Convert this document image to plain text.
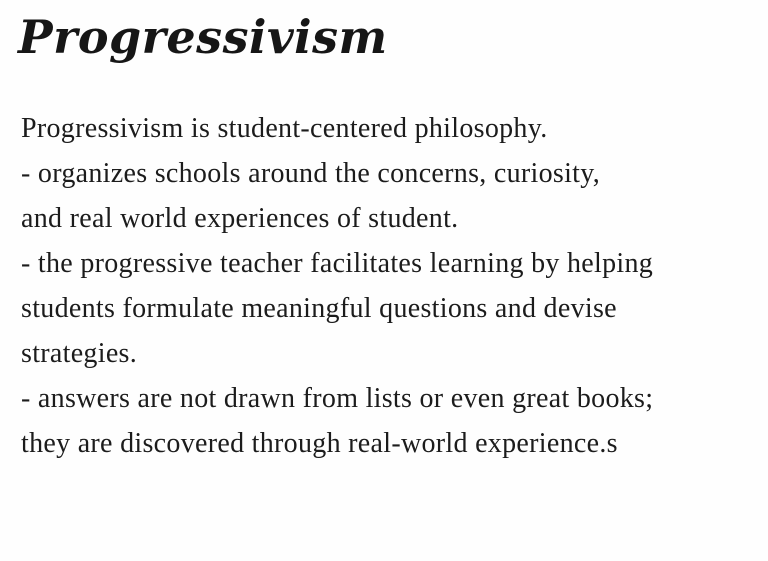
Progressivism
Progressivism is student-centered philosophy.
- organizes schools around the concerns, curiosity,
and real world experiences of student.
- the progressive teacher facilitates learning by helping
students formulate meaningful questions and devise
strategies.
- answers are not drawn from lists or even great books;
they are discovered through real-world experience.s
